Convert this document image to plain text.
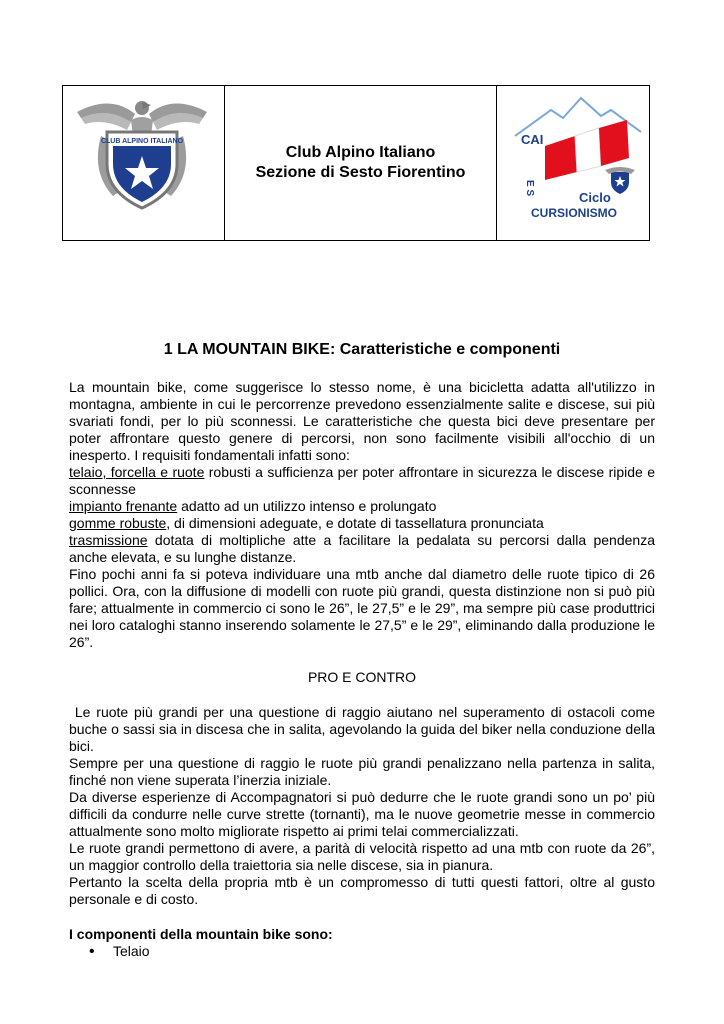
CLUB ALPINO ITALIANO
Club Alpino Italiano
Sezione di Sesto Fiorentino
CAI
E S
Ciclo
CURSIONISMO
1 LA MOUNTAIN BIKE: Caratteristiche e componenti

La mountain bike, come suggerisce lo stesso nome, è una bicicletta adatta all'utilizzo in montagna, ambiente in cui le percorrenze prevedono essenzialmente salite e discese, sui più svariati fondi, per lo più sconnessi. Le caratteristiche che questa bici deve presentare per poter affrontare questo genere di percorsi, non sono facilmente visibili all'occhio di un inesperto. I requisiti fondamentali infatti sono:

telaio, forcella e ruote robusti a sufficienza per poter affrontare in sicurezza le discese ripide e sconnesse

impianto frenante adatto ad un utilizzo intenso e prolungato

gomme robuste, di dimensioni adeguate, e dotate di tassellatura pronunciata

trasmissione dotata di moltipliche atte a facilitare la pedalata su percorsi dalla pendenza anche elevata, e su lunghe distanze.

Fino pochi anni fa si poteva individuare una mtb anche dal diametro delle ruote tipico di 26 pollici. Ora, con la diffusione di modelli con ruote più grandi, questa distinzione non si può più fare; attualmente in commercio ci sono le 26”, le 27,5” e le 29”, ma sempre più case produttrici nei loro cataloghi stanno inserendo solamente le 27,5” e le 29”, eliminando dalla produzione le 26”.

PRO E CONTRO

Le ruote più grandi per una questione di raggio aiutano nel superamento di ostacoli come buche o sassi sia in discesa che in salita, agevolando la guida del biker nella conduzione della bici.

Sempre per una questione di raggio le ruote più grandi penalizzano nella partenza in salita, finché non viene superata l’inerzia iniziale.

Da diverse esperienze di Accompagnatori si può dedurre che le ruote grandi sono un po’ più difficili da condurre nelle curve strette (tornanti), ma le nuove geometrie messe in commercio attualmente sono molto migliorate rispetto ai primi telai commercializzati.

Le ruote grandi permettono di avere, a parità di velocità rispetto ad una mtb con ruote da 26”, un maggior controllo della traiettoria sia nelle discese, sia in pianura.

Pertanto la scelta della propria mtb è un compromesso di tutti questi fattori, oltre al gusto personale e di costo.

I componenti della mountain bike sono:

• Telaio
